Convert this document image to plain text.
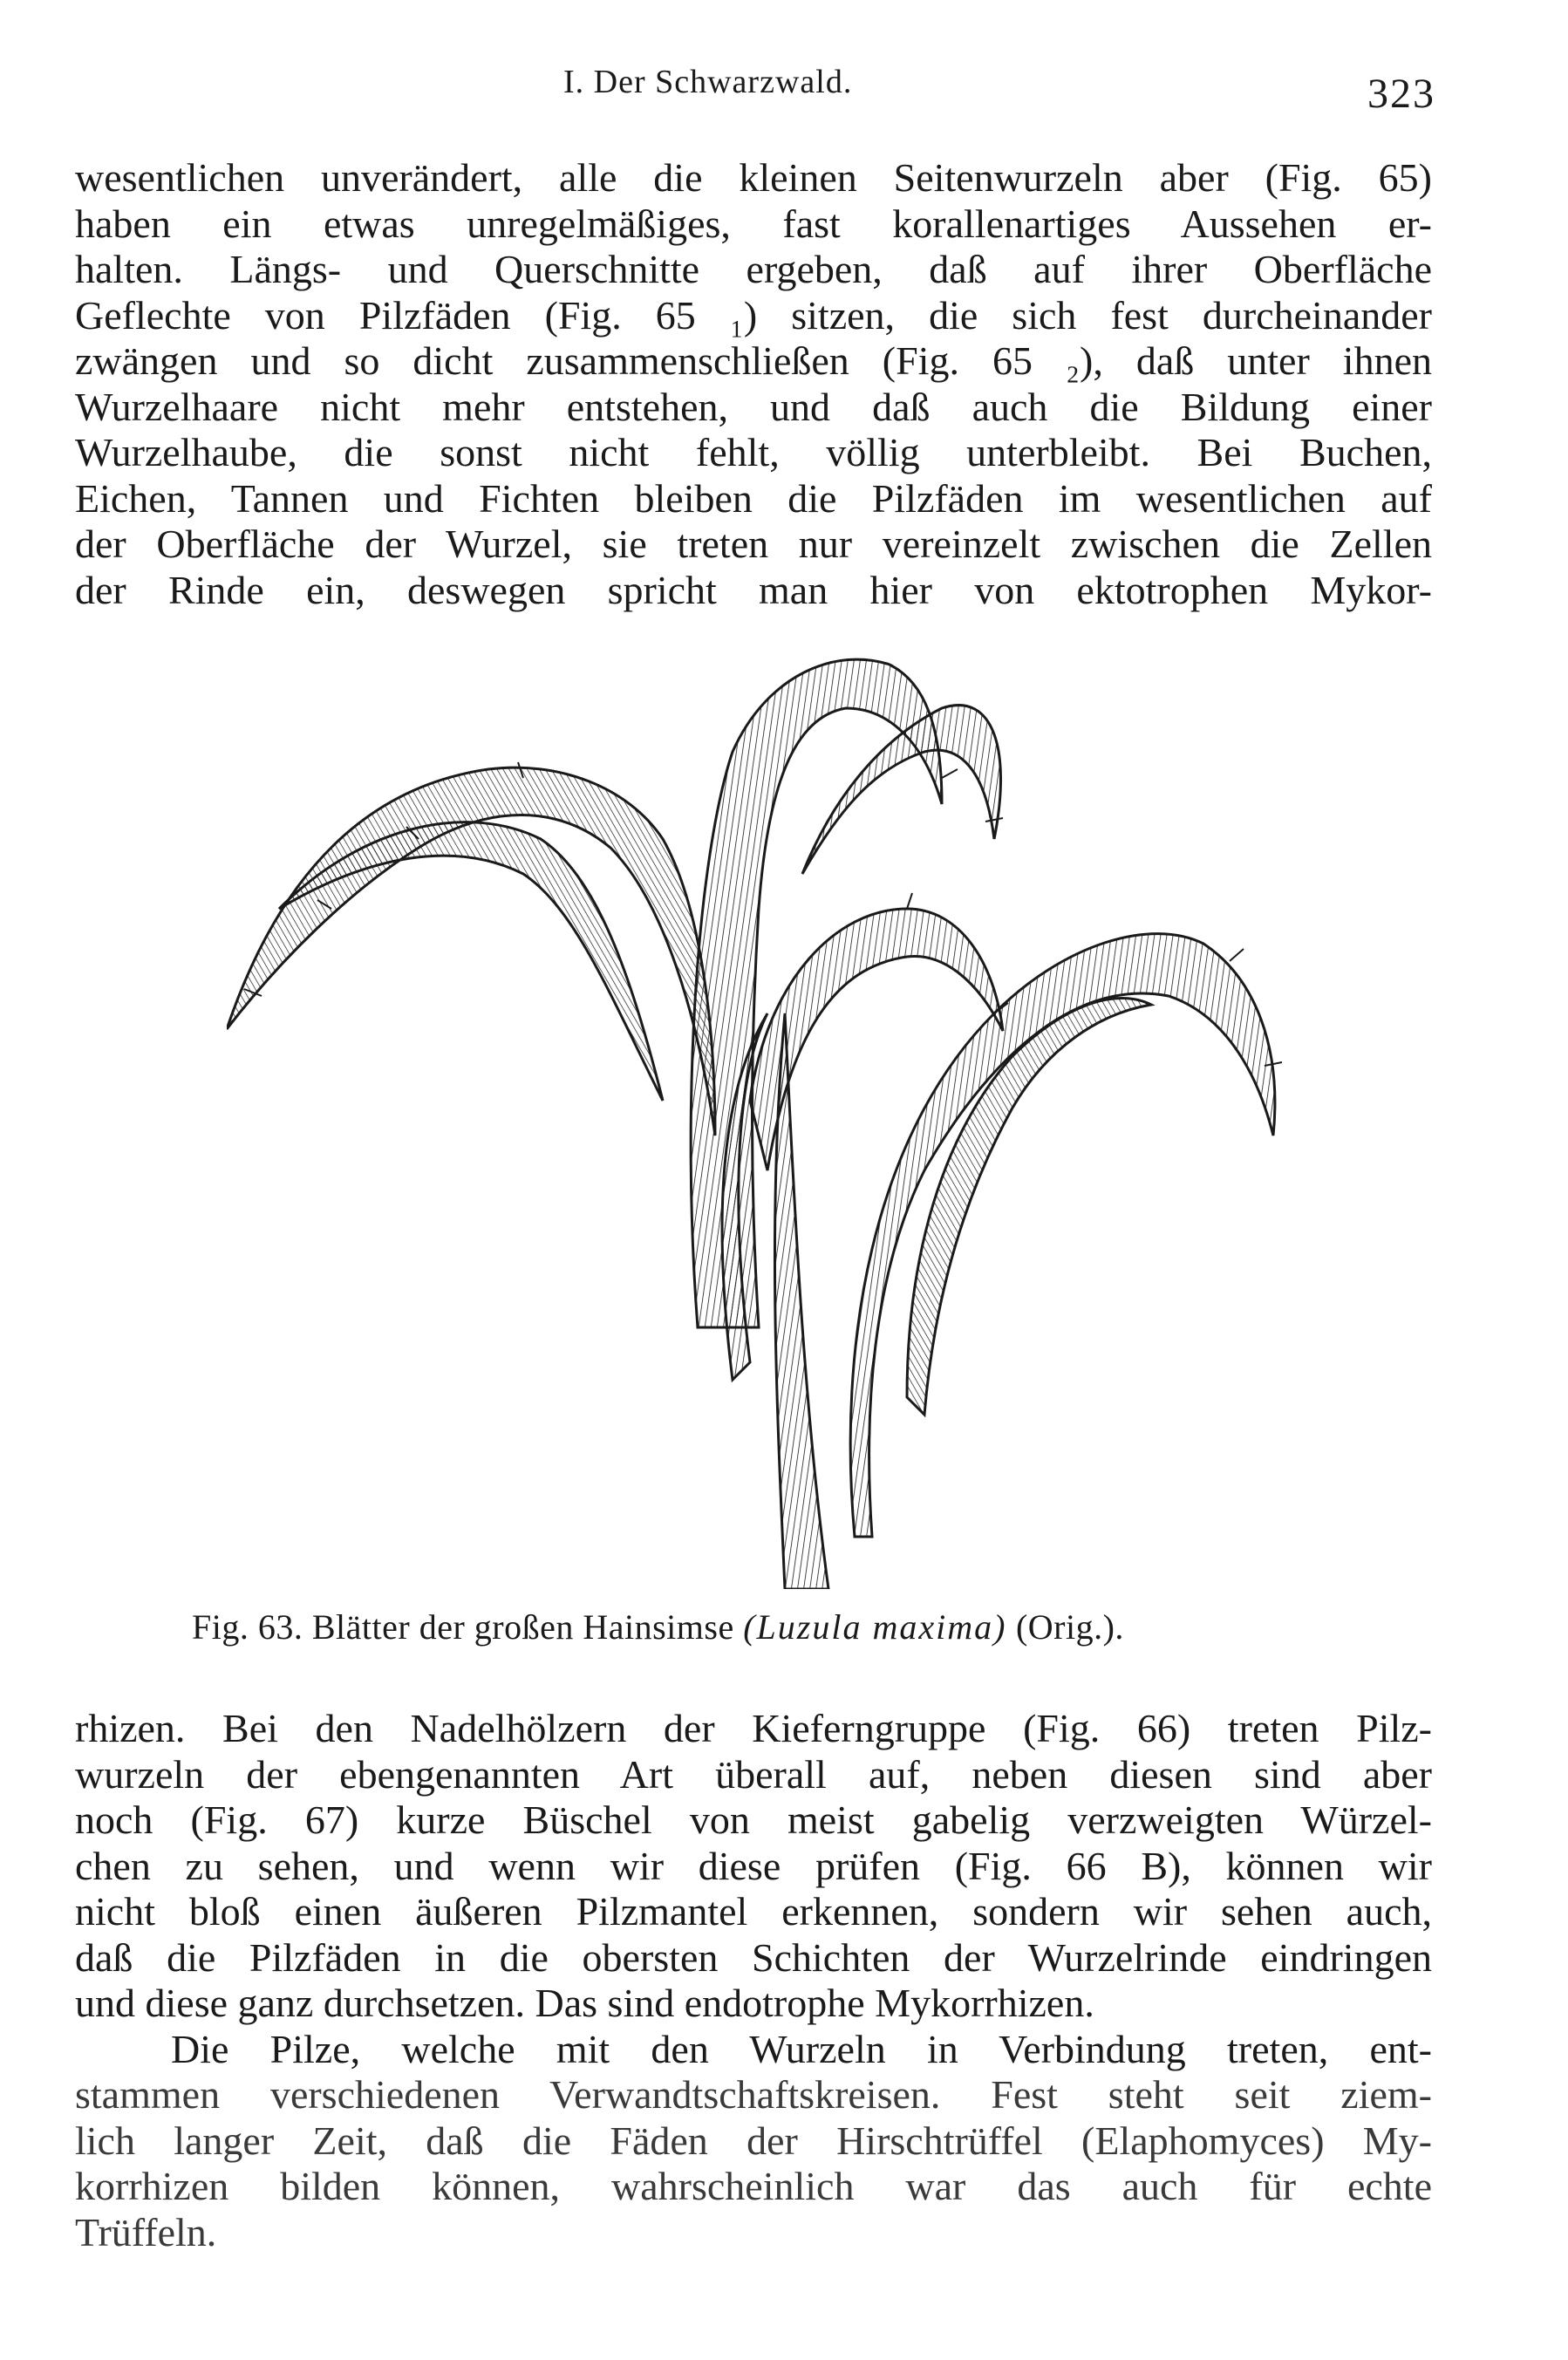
I. Der Schwarzwald.	323
wesentlichen unverändert, alle die kleinen Seitenwurzeln aber (Fig. 65)
haben ein etwas unregelmäßiges, fast korallenartiges Aussehen er-
halten. Längs- und Querschnitte ergeben, daß auf ihrer Oberfläche
Geflechte von Pilzfäden (Fig. 65 ₁) sitzen, die sich fest durcheinander
zwängen und so dicht zusammenschließen (Fig. 65 ₂), daß unter ihnen
Wurzelhaare nicht mehr entstehen, und daß auch die Bildung einer
Wurzelhaube, die sonst nicht fehlt, völlig unterbleibt. Bei Buchen,
Eichen, Tannen und Fichten bleiben die Pilzfäden im wesentlichen auf
der Oberfläche der Wurzel, sie treten nur vereinzelt zwischen die Zellen
der Rinde ein, deswegen spricht man hier von ektotrophen Mykor-
Fig. 63. Blätter der großen Hainsimse (Luzula maxima) (Orig.).
rhizen. Bei den Nadelhölzern der Kieferngruppe (Fig. 66) treten Pilz-
wurzeln der ebengenannten Art überall auf, neben diesen sind aber
noch (Fig. 67) kurze Büschel von meist gabelig verzweigten Würzel-
chen zu sehen, und wenn wir diese prüfen (Fig. 66 B), können wir
nicht bloß einen äußeren Pilzmantel erkennen, sondern wir sehen auch,
daß die Pilzfäden in die obersten Schichten der Wurzelrinde eindringen
und diese ganz durchsetzen. Das sind endotrophe Mykorrhizen.
Die Pilze, welche mit den Wurzeln in Verbindung treten, ent-
stammen verschiedenen Verwandtschaftskreisen. Fest steht seit ziem-
lich langer Zeit, daß die Fäden der Hirschtrüffel (Elaphomyces) My-
korrhizen bilden können, wahrscheinlich war das auch für echte
Trüffeln.
